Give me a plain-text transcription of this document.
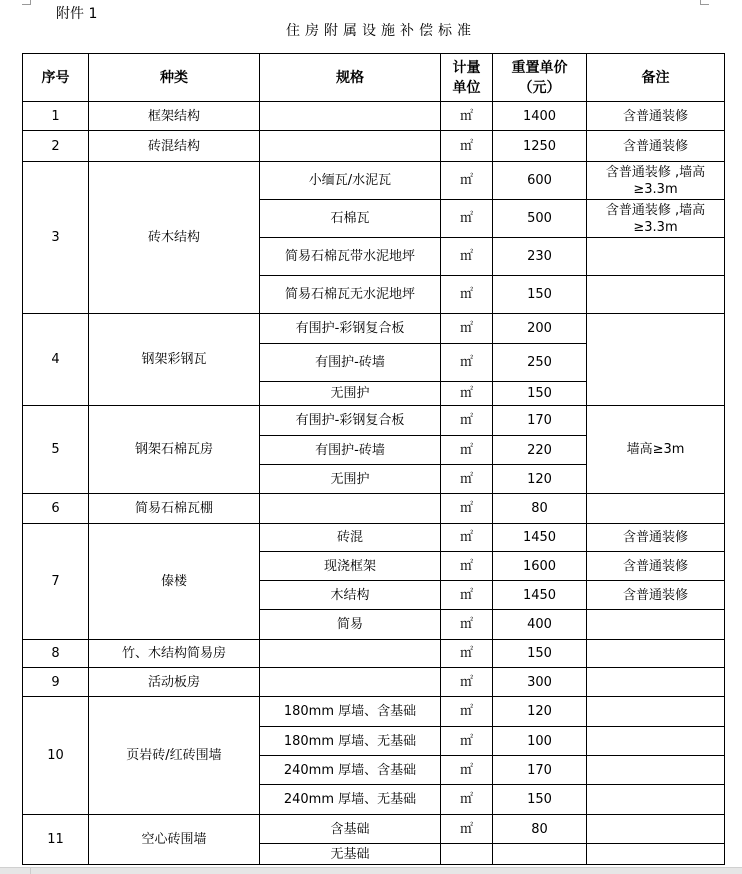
附件 1
住房附属设施补偿标准
序号	种类	规格	计量单位	重置单价（元）	备注
1	框架结构		㎡	1400	含普通装修
2	砖混结构		㎡	1250	含普通装修
3	砖木结构	小缅瓦/水泥瓦	㎡	600	含普通装修 ,墙高≥3.3m
		石棉瓦	㎡	500	含普通装修 ,墙高≥3.3m
		简易石棉瓦带水泥地坪	㎡	230	
		简易石棉瓦无水泥地坪	㎡	150	
4	钢架彩钢瓦	有围护-彩钢复合板	㎡	200	
		有围护-砖墙	㎡	250	
		无围护	㎡	150	
5	钢架石棉瓦房	有围护-彩钢复合板	㎡	170	墙高≥3m
		有围护-砖墙	㎡	220	
		无围护	㎡	120	
6	简易石棉瓦棚		㎡	80	
7	傣楼	砖混	㎡	1450	含普通装修
		现浇框架	㎡	1600	含普通装修
		木结构	㎡	1450	含普通装修
		简易	㎡	400	
8	竹、木结构简易房		㎡	150	
9	活动板房		㎡	300	
10	页岩砖/红砖围墙	180mm 厚墙、含基础	㎡	120	
		180mm 厚墙、无基础	㎡	100	
		240mm 厚墙、含基础	㎡	170	
		240mm 厚墙、无基础	㎡	150	
11	空心砖围墙	含基础	㎡	80	
		无基础			
